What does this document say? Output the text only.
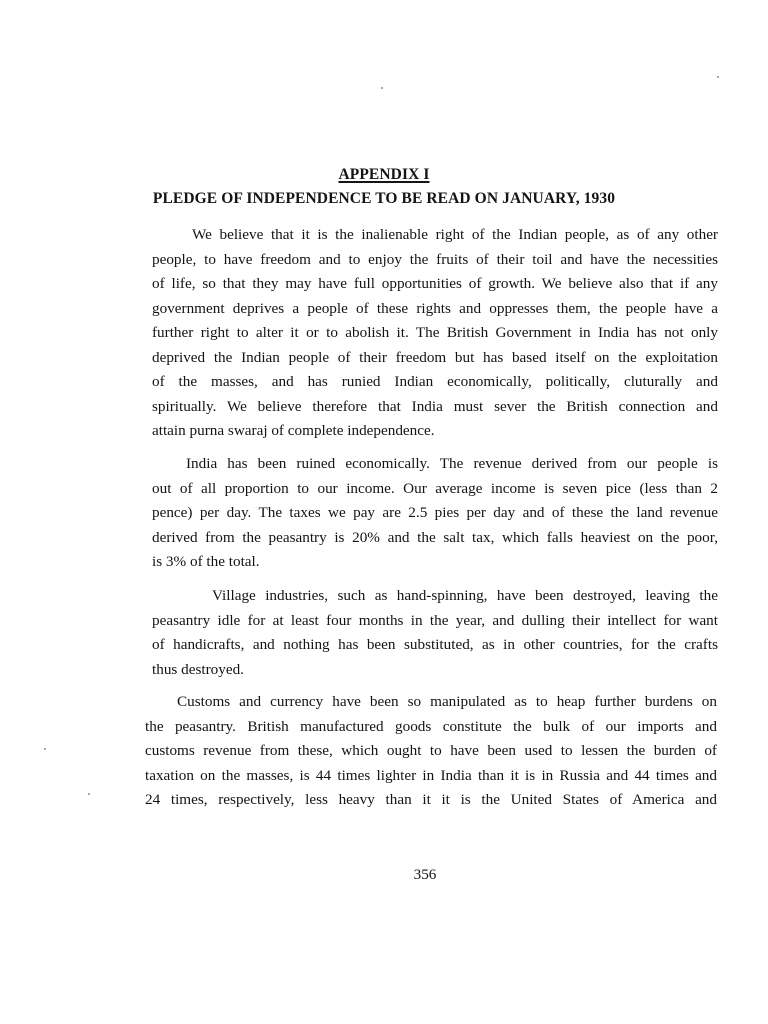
APPENDIX I
PLEDGE OF INDEPENDENCE TO BE READ ON JANUARY, 1930
We believe that it is the inalienable right of the Indian people, as of any other
people, to have freedom and to enjoy the fruits of their toil and have the necessities
of life, so that they may have full opportunities of growth. We believe also that if any
government deprives a people of these rights and oppresses them, the people have a
further right to alter it or to abolish it. The British Government in India has not only
deprived the Indian people of their freedom but has based itself on the exploitation
of the masses, and has runied Indian economically, politically, cluturally and
spiritually. We believe therefore that India must sever the British connection and
attain purna swaraj of complete independence.
India has been ruined economically. The revenue derived from our people is
out of all proportion to our income. Our average income is seven pice (less than 2
pence) per day. The taxes we pay are 2.5 pies per day and of these the land revenue
derived from the peasantry is 20% and the salt tax, which falls heaviest on the poor,
is 3% of the total.
Village industries, such as hand-spinning, have been destroyed, leaving the
peasantry idle for at least four months in the year, and dulling their intellect for want
of handicrafts, and nothing has been substituted, as in other countries, for the crafts
thus destroyed.
Customs and currency have been so manipulated as to heap further burdens on
the peasantry. British manufactured goods constitute the bulk of our imports and
customs revenue from these, which ought to have been used to lessen the burden of
taxation on the masses, is 44 times lighter in India than it is in Russia and 44 times and
24 times, respectively, less heavy than it it is the United States of America and
356
